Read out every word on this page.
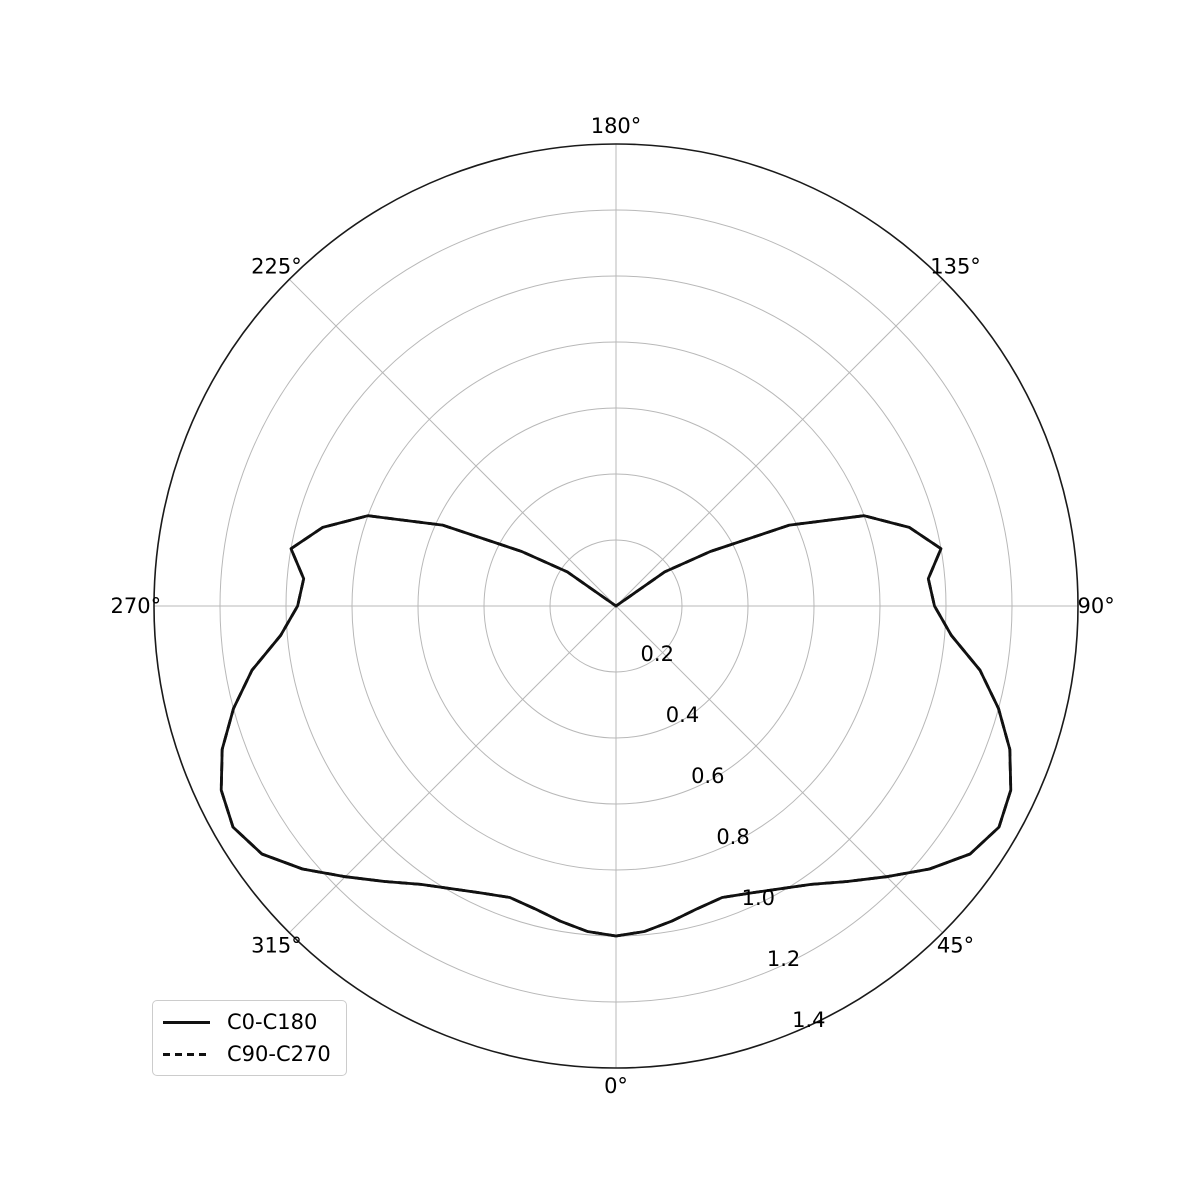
0°
45°
90°
135°
180°
225°
270°
315°
0.2
0.4
0.6
0.8
1.0
1.2
1.4
C0-C180
C90-C270
